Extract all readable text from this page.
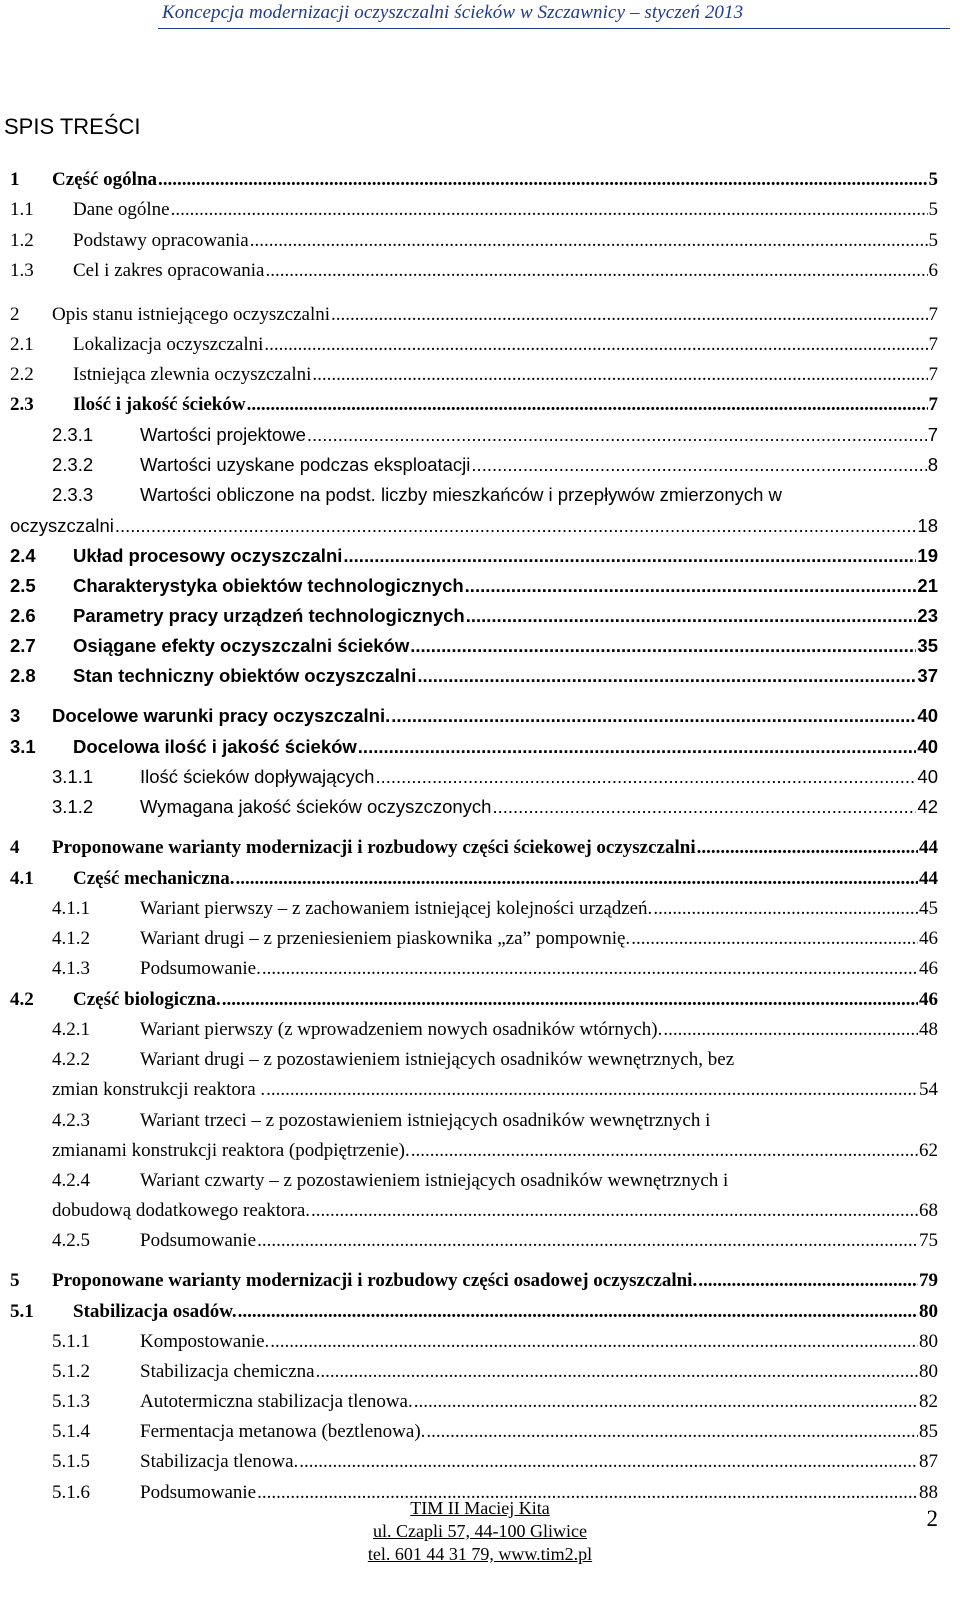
Koncepcja modernizacji oczyszczalni ścieków w Szczawnicy – styczeń 2013
SPIS TREŚCI
1 Część ogólna .....	5
1.1 Dane ogólne .....	5
1.2 Podstawy opracowania .....	5
1.3 Cel i zakres opracowania .....	6
2 Opis stanu istniejącego oczyszczalni .....	7
2.1 Lokalizacja oczyszczalni .....	7
2.2 Istniejąca zlewnia oczyszczalni .....	7
2.3 Ilość i jakość ścieków .....	7
2.3.1	Wartości projektowe .....	7
2.3.2	Wartości uzyskane podczas eksploatacji .....	8
2.3.3	Wartości obliczone na podst. liczby mieszkańców i przepływów zmierzonych w
oczyszczalni .....	18
2.4 Układ procesowy oczyszczalni .....	19
2.5 Charakterystyka obiektów technologicznych .....	21
2.6 Parametry pracy urządzeń technologicznych .....	23
2.7 Osiągane efekty oczyszczalni ścieków .....	35
2.8 Stan techniczny obiektów oczyszczalni .....	37
3 Docelowe warunki pracy oczyszczalni. .....	40
3.1 Docelowa ilość i jakość ścieków .....	40
3.1.1	Ilość ścieków dopływających .....	40
3.1.2	Wymagana jakość ścieków oczyszczonych .....	42
4 Proponowane warianty modernizacji i rozbudowy części ściekowej oczyszczalni .....	44
4.1 Część mechaniczna. .....	44
4.1.1	Wariant pierwszy – z zachowaniem istniejącej kolejności urządzeń. .....	45
4.1.2	Wariant drugi – z przeniesieniem piaskownika „za” pompownię. .....	46
4.1.3	Podsumowanie. .....	46
4.2 Część biologiczna. .....	46
4.2.1	Wariant pierwszy (z wprowadzeniem nowych osadników wtórnych). .....	48
4.2.2	Wariant drugi – z pozostawieniem istniejących osadników wewnętrznych, bez
zmian konstrukcji reaktora . .....	54
4.2.3	Wariant trzeci – z pozostawieniem istniejących osadników wewnętrznych i
zmianami konstrukcji reaktora (podpiętrzenie). .....	62
4.2.4	Wariant czwarty – z pozostawieniem istniejących osadników wewnętrznych i
dobudową dodatkowego reaktora. .....	68
4.2.5	Podsumowanie .....	75
5 Proponowane warianty modernizacji i rozbudowy części osadowej oczyszczalni. .....	79
5.1 Stabilizacja osadów. .....	80
5.1.1	Kompostowanie. .....	80
5.1.2	Stabilizacja chemiczna .....	80
5.1.3	Autotermiczna stabilizacja tlenowa. .....	82
5.1.4	Fermentacja metanowa (beztlenowa). .....	85
5.1.5	Stabilizacja tlenowa. .....	87
5.1.6	Podsumowanie .....	88
TIM II Maciej Kita
ul. Czapli 57, 44-100 Gliwice
tel. 601 44 31 79, www.tim2.pl
2
